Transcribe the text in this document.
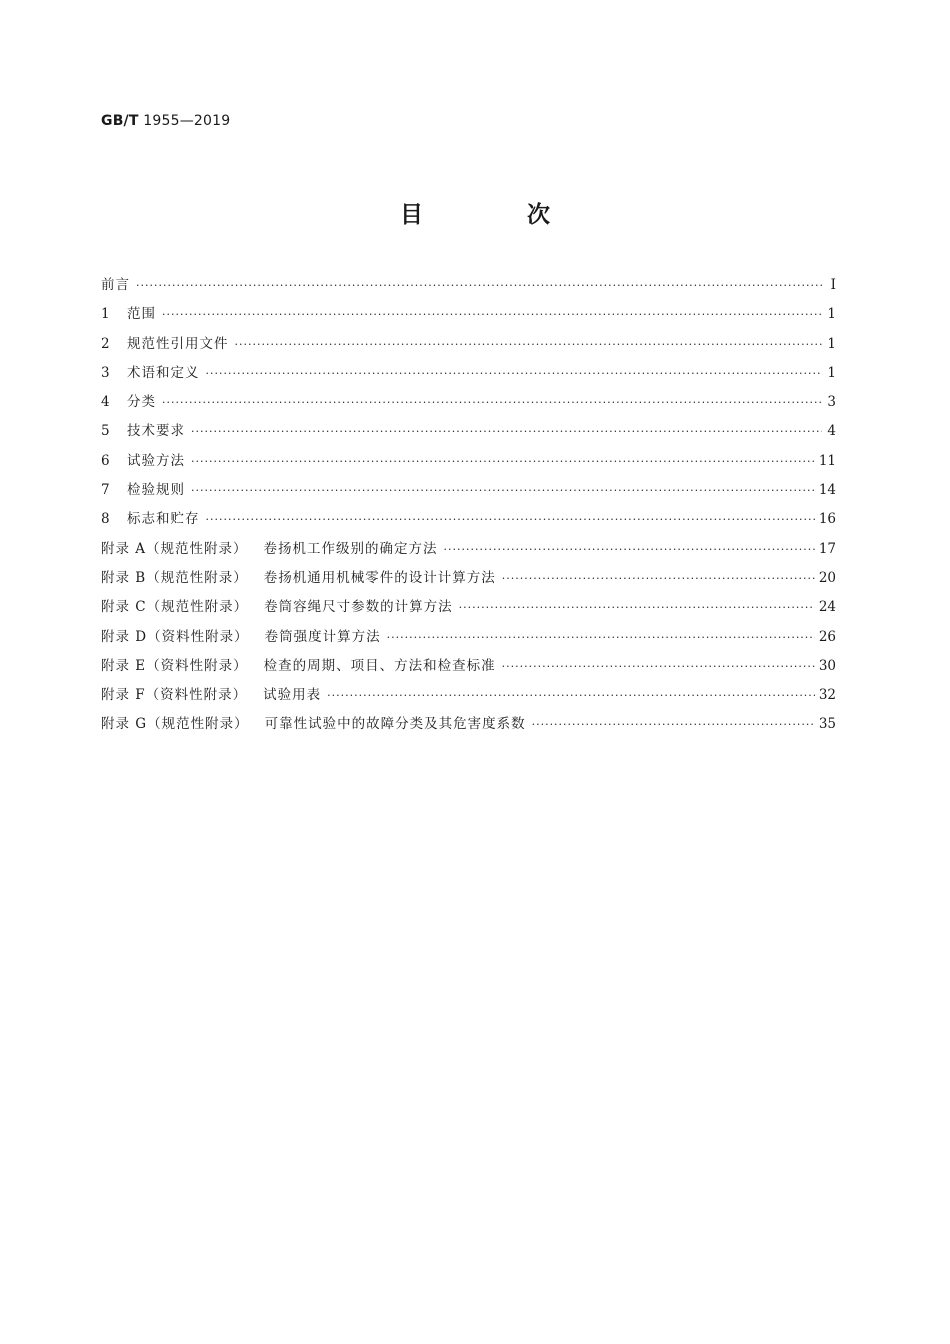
GB/T 1955—2019
目 次
前言 ·····	Ⅰ
1 范围 ·····	1
2 规范性引用文件 ·····	1
3 术语和定义 ·····	1
4 分类 ·····	3
5 技术要求 ·····	4
6 试验方法 ·····	11
7 检验规则 ·····	14
8 标志和贮存 ·····	16
附录 A（规范性附录） 卷扬机工作级别的确定方法 ·····	17
附录 B（规范性附录） 卷扬机通用机械零件的设计计算方法 ·····	20
附录 C（规范性附录） 卷筒容绳尺寸参数的计算方法 ·····	24
附录 D（资料性附录） 卷筒强度计算方法 ·····	26
附录 E（资料性附录） 检查的周期、项目、方法和检查标准 ·····	30
附录 F（资料性附录） 试验用表 ·····	32
附录 G（规范性附录） 可靠性试验中的故障分类及其危害度系数 ·····	35
